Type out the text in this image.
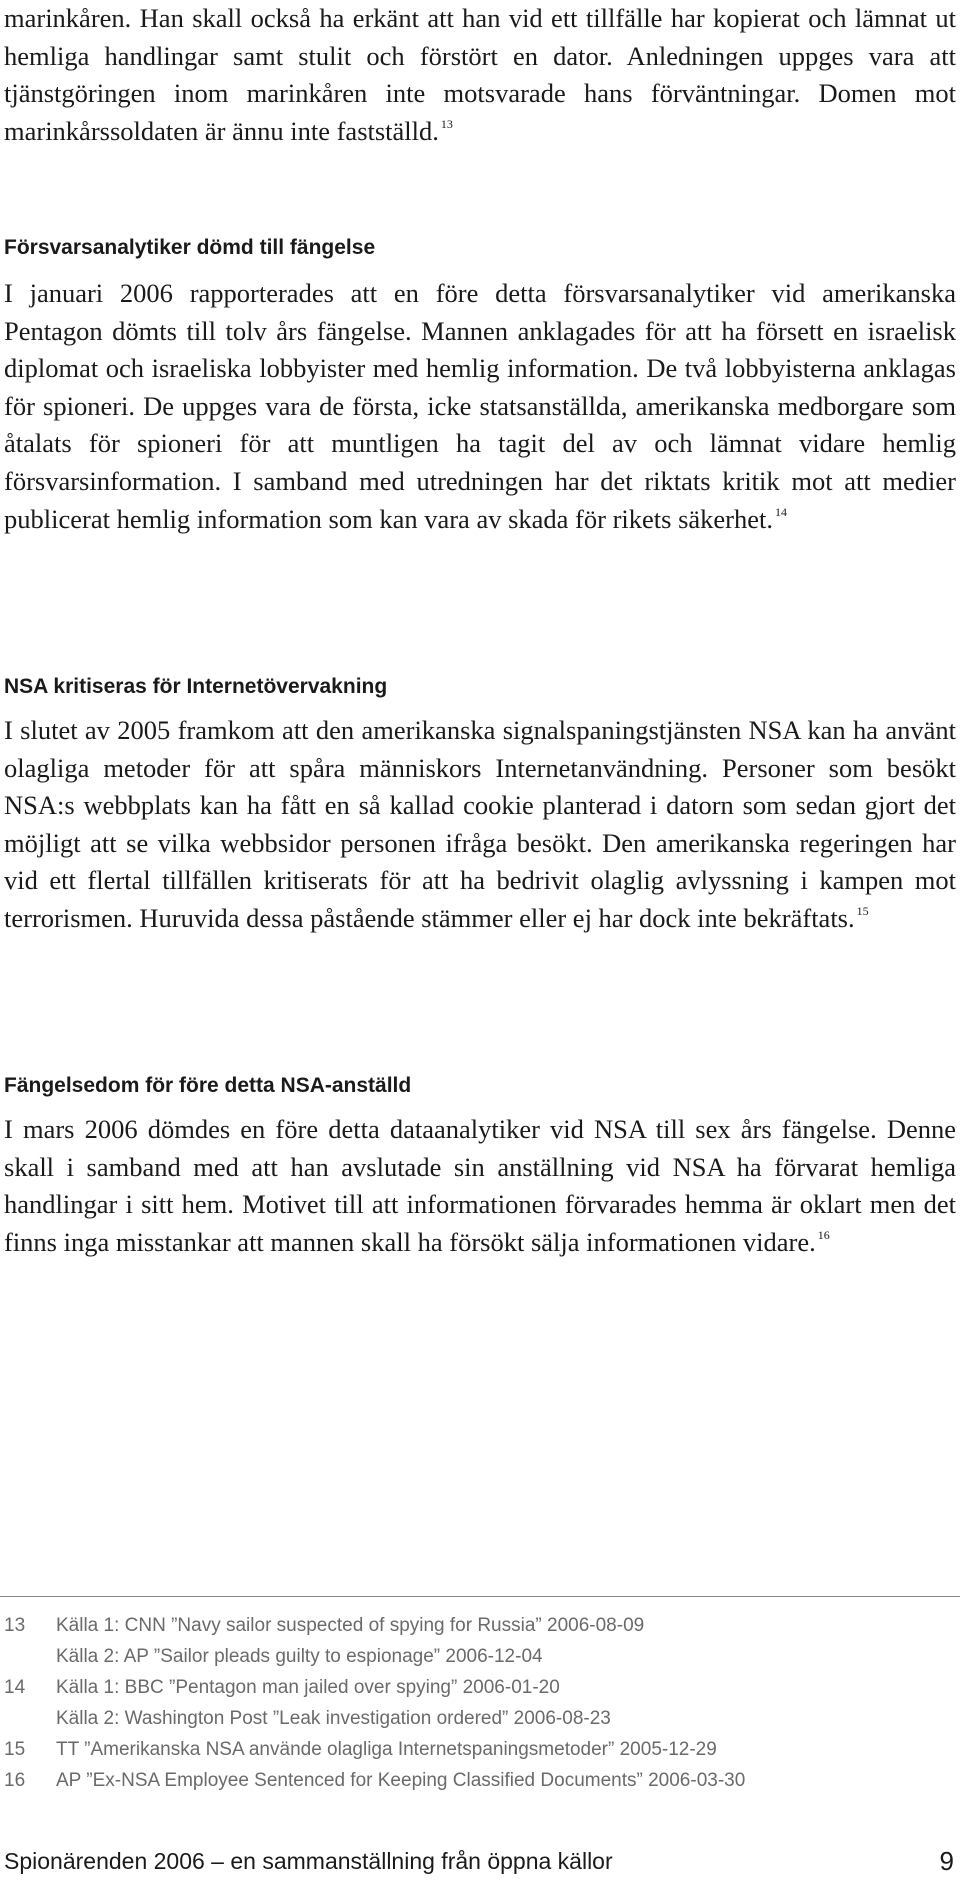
marinkåren. Han skall också ha erkänt att han vid ett tillfälle har kopierat och lämnat ut hemliga handlingar samt stulit och förstört en dator. Anledningen uppges vara att tjänstgöringen inom marinkåren inte motsvarade hans förväntningar. Domen mot marinkårssoldaten är ännu inte fastställd. $^{13}$

Försvarsanalytiker dömd till fängelse

I januari 2006 rapporterades att en före detta försvarsanalytiker vid amerikanska Pentagon dömts till tolv års fängelse. Mannen anklagades för att ha försett en israelisk diplomat och israeliska lobbyister med hemlig information. De två lobbyisterna anklagas för spioneri. De uppges vara de första, icke statsanställda, amerikanska medborgare som åtalats för spioneri för att muntligen ha tagit del av och lämnat vidare hemlig försvarsinformation. I samband med utredningen har det riktats kritik mot att medier publicerat hemlig information som kan vara av skada för rikets säkerhet. $^{14}$

NSA kritiseras för Internetövervakning

I slutet av 2005 framkom att den amerikanska signalspaningstjänsten NSA kan ha använt olagliga metoder för att spåra människors Internetanvändning. Personer som besökt NSA:s webbplats kan ha fått en så kallad cookie planterad i datorn som sedan gjort det möjligt att se vilka webbsidor personen ifråga besökt. Den amerikanska regeringen har vid ett flertal tillfällen kritiserats för att ha bedrivit olaglig avlyssning i kampen mot terrorismen. Huruvida dessa påstående stämmer eller ej har dock inte bekräftats. $^{15}$

Fängelsedom för före detta NSA-anställd

I mars 2006 dömdes en före detta dataanalytiker vid NSA till sex års fängelse. Denne skall i samband med att han avslutade sin anställning vid NSA ha förvarat hemliga handlingar i sitt hem. Motivet till att informationen förvarades hemma är oklart men det finns inga misstankar att mannen skall ha försökt sälja informationen vidare. $^{16}$

13	Källa 1: CNN ”Navy sailor suspected of spying for Russia” 2006-08-09
Källa 2: AP ”Sailor pleads guilty to espionage” 2006-12-04
14	Källa 1: BBC ”Pentagon man jailed over spying” 2006-01-20
Källa 2: Washington Post ”Leak investigation ordered” 2006-08-23
15	TT ”Amerikanska NSA använde olagliga Internetspaningsmetoder” 2005-12-29
16	AP ”Ex-NSA Employee Sentenced for Keeping Classified Documents” 2006-03-30
Spionärenden 2006 – en sammanställning från öppna källor	9
